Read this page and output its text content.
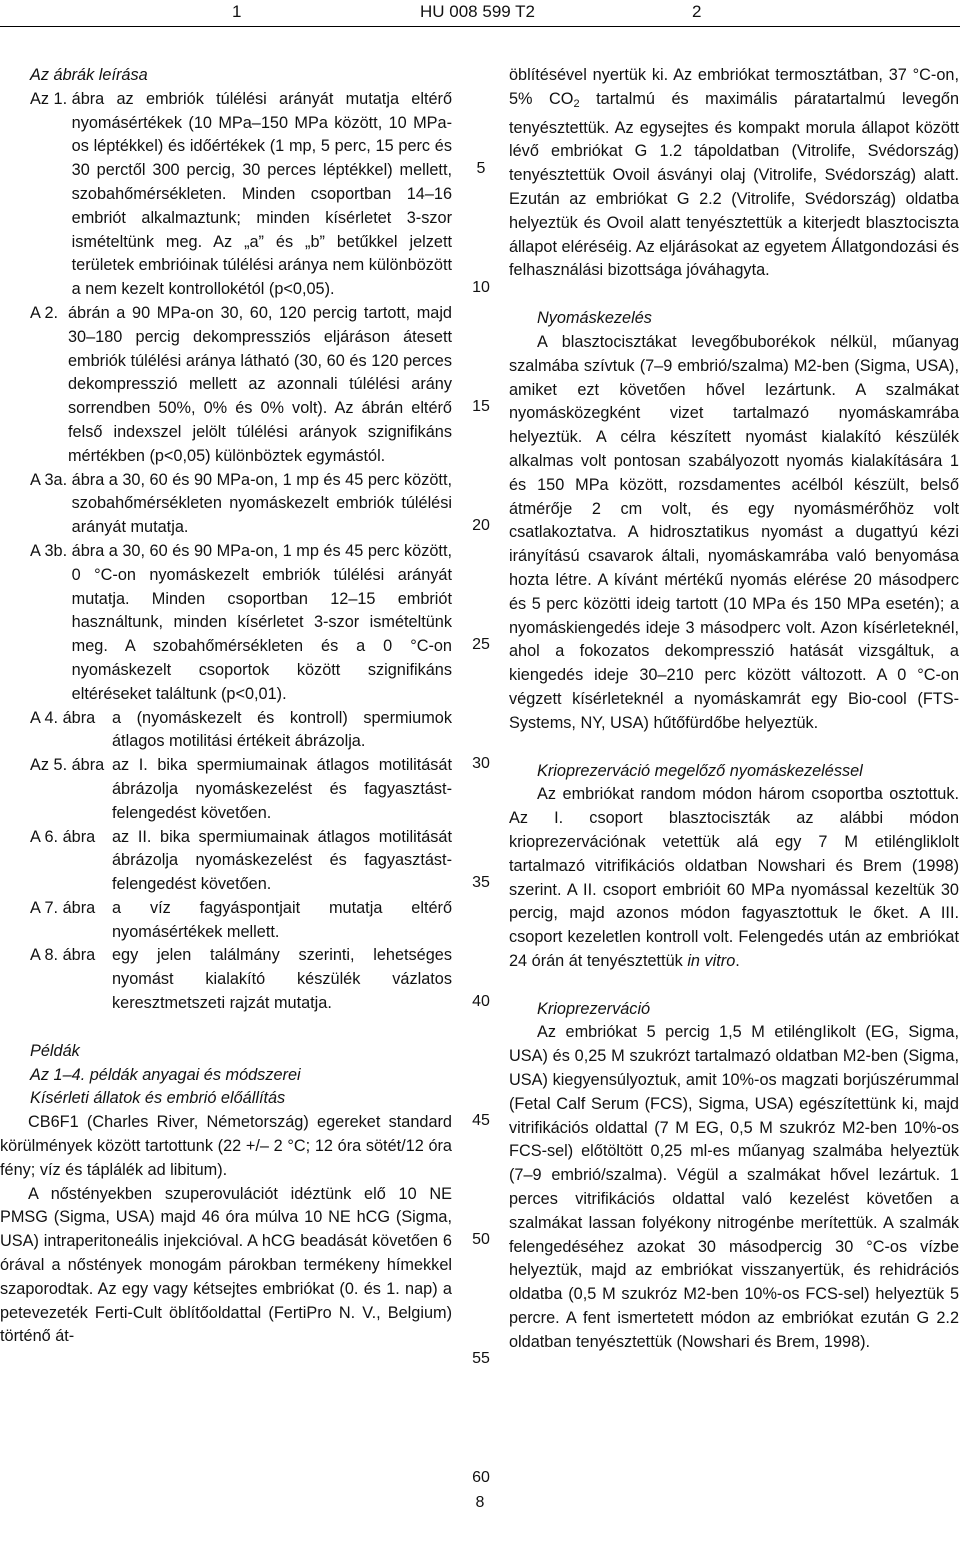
1	HU 008 599 T2	2

Az ábrák leírása

Az 1. ábra az embriók túlélési arányát mutatja eltérő nyomásértékek (10 MPa–150 MPa között, 10 MPa-os léptékkel) és időértékek (1 mp, 5 perc, 15 perc és 30 perctől 300 percig, 30 perces léptékkel) mellett, szobahőmérsékleten. Minden csoportban 14–16 embriót alkalmaztunk; minden kísérletet 3-szor ismételtünk meg. Az „a” és „b” betűkkel jelzett területek embrióinak túlélési aránya nem különbözött a nem kezelt kontrollokétól (p<0,05).
A 2. ábrán a 90 MPa-on 30, 60, 120 percig tartott, majd 30–180 percig dekompressziós eljáráson átesett embriók túlélési aránya látható (30, 60 és 120 perces dekompresszió mellett az azonnali túlélési arány sorrendben 50%, 0% és 0% volt). Az ábrán eltérő felső indexszel jelölt túlélési arányok szignifikáns mértékben (p<0,05) különböztek egymástól.
A 3a. ábra a 30, 60 és 90 MPa-on, 1 mp és 45 perc között, szobahőmérsékleten nyomáskezelt embriók túlélési arányát mutatja.
A 3b. ábra a 30, 60 és 90 MPa-on, 1 mp és 45 perc között, 0 °C-on nyomáskezelt embriók túlélési arányát mutatja. Minden csoportban 12–15 embriót használtunk, minden kísérletet 3-szor ismételtünk meg. A szobahőmérsékleten és a 0 °C-on nyomáskezelt csoportok között szignifikáns eltéréseket találtunk (p<0,01).
A 4. ábra a (nyomáskezelt és kontroll) spermiumok átlagos motilitási értékeit ábrázolja.
Az 5. ábra az I. bika spermiumainak átlagos motilitását ábrázolja nyomáskezelést és fagyasztást-felengedést követően.
A 6. ábra az II. bika spermiumainak átlagos motilitását ábrázolja nyomáskezelést és fagyasztást-felengedést követően.
A 7. ábra a víz fagyáspontjait mutatja eltérő nyomásértékek mellett.
A 8. ábra egy jelen találmány szerinti, lehetséges nyomást kialakító készülék vázlatos keresztmetszeti rajzát mutatja.

Példák

Az 1–4. példák anyagai és módszerei

Kísérleti állatok és embrió előállítás

CB6F1 (Charles River, Németország) egereket standard körülmények között tartottunk (22 +/– 2 °C; 12 óra sötét/12 óra fény; víz és táplálék ad libitum).

A nőstényekben szuperovulációt idéztünk elő 10 NE PMSG (Sigma, USA) majd 46 óra múlva 10 NE hCG (Sigma, USA) intraperitoneális injekcióval. A hCG beadását követően 6 órával a nőstények monogám párokban termékeny hímekkel szaporodtak. Az egy vagy kétsejtes embriókat (0. és 1. nap) a petevezeték Ferti-Cult öblítőoldattal (FertiPro N. V., Belgium) történő át-

5
10
15
20
25
30
35
40
45
50
55
60

öblítésével nyertük ki. Az embriókat termosztátban, 37 °C-on, 5% $CO_2$ tartalmú és maximális páratartalmú levegőn tenyésztettük. Az egysejtes és kompakt morula állapot között lévő embriókat G 1.2 tápoldatban (Vitrolife, Svédország) tenyésztettük Ovoil ásványi olaj (Vitrolife, Svédország) alatt. Ezután az embriókat G 2.2 (Vitrolife, Svédország) oldatba helyeztük és Ovoil alatt tenyésztettük a kiterjedt blasztociszta állapot eléréséig. Az eljárásokat az egyetem Állatgondozási és felhasználási bizottsága jóváhagyta.

Nyomáskezelés

A blasztocisztákat levegőbuborékok nélkül, műanyag szalmába szívtuk (7–9 embrió/szalma) M2-ben (Sigma, USA), amiket ezt követően hővel lezártunk. A szalmákat nyomásközegként vizet tartalmazó nyomáskamrába helyeztük. A célra készített nyomást kialakító készülék alkalmas volt pontosan szabályozott nyomás kialakítására 1 és 150 MPa között, rozsdamentes acélból készült, belső átmérője 2 cm volt, és egy nyomásmérőhöz volt csatlakoztatva. A hidrosztatikus nyomást a dugattyú kézi irányítású csavarok általi, nyomáskamrába való benyomása hozta létre. A kívánt mértékű nyomás elérése 20 másodperc és 5 perc közötti ideig tartott (10 MPa és 150 MPa esetén); a nyomáskiengedés ideje 3 másodperc volt. Azon kísérleteknél, ahol a fokozatos dekompresszió hatását vizsgáltuk, a kiengedés ideje 30–210 perc között változott. A 0 °C-on végzett kísérleteknél a nyomáskamrát egy Bio-cool (FTS-Systems, NY, USA) hűtőfürdőbe helyeztük.

Krioprezerváció megelőző nyomáskezeléssel

Az embriókat random módon három csoportba osztottuk. Az I. csoport blasztociszták az alábbi módon krioprezervációnak vetettük alá egy 7 M etiléngliklolt tartalmazó vitrifikációs oldatban Nowshari és Brem (1998) szerint. A II. csoport embrióit 60 MPa nyomással kezeltük 30 percig, majd azonos módon fagyasztottuk le őket. A III. csoport kezeletlen kontroll volt. Felengedés után az embriókat 24 órán át tenyésztettük in vitro.

Krioprezerváció

Az embriókat 5 percig 1,5 M etiléngIikolt (EG, Sigma, USA) és 0,25 M szukrózt tartalmazó oldatban M2-ben (Sigma, USA) kiegyensúlyoztuk, amit 10%-os magzati borjúszérummal (Fetal Calf Serum (FCS), Sigma, USA) egészítettünk ki, majd vitrifikációs oldattal (7 M EG, 0,5 M szukróz M2-ben 10%-os FCS-sel) előtöltött 0,25 ml-es műanyag szalmába helyeztük (7–9 embrió/szalma). Végül a szalmákat hővel lezártuk. 1 perces vitrifikációs oldattal való kezelést követően a szalmákat lassan folyékony nitrogénbe merítettük. A szalmák felengedéséhez azokat 30 másodpercig 30 °C-os vízbe helyeztük, majd az embriókat visszanyertük, és rehidrációs oldatba (0,5 M szukróz M2-ben 10%-os FCS-sel) helyeztük 5 percre. A fent ismertetett módon az embriókat ezután G 2.2 oldatban tenyésztettük (Nowshari és Brem, 1998).

8
